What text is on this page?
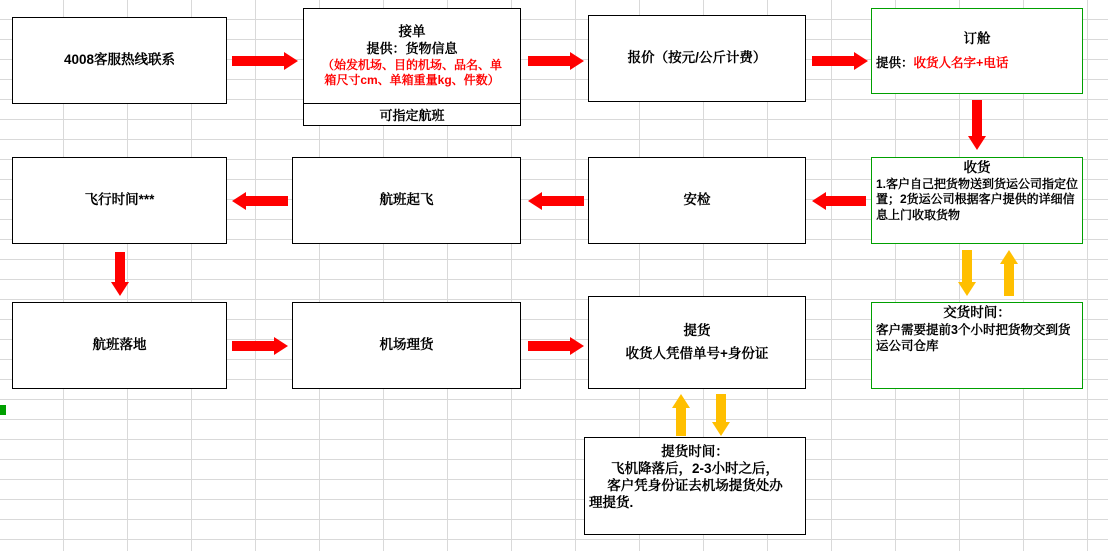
4008客服热线联系
接单
提供：货物信息
（始发机场、目的机场、品名、单
箱尺寸cm、单箱重量kg、件数）
可指定航班
报价（按元/公斤计费）
订舱
提供：收货人名字+电话
飞行时间***	航班起飞	安检
收货
1.客户自己把货物送到货运公司指定位置；2货运公司根据客户提供的详细信息上门收取货物
航班落地	机场理货
提货
收货人凭借单号+身份证
交货时间：
客户需要提前3个小时把货物交到货运公司仓库
提货时间：
飞机降落后，2-3小时之后，
客户凭身份证去机场提货处办
理提货.
